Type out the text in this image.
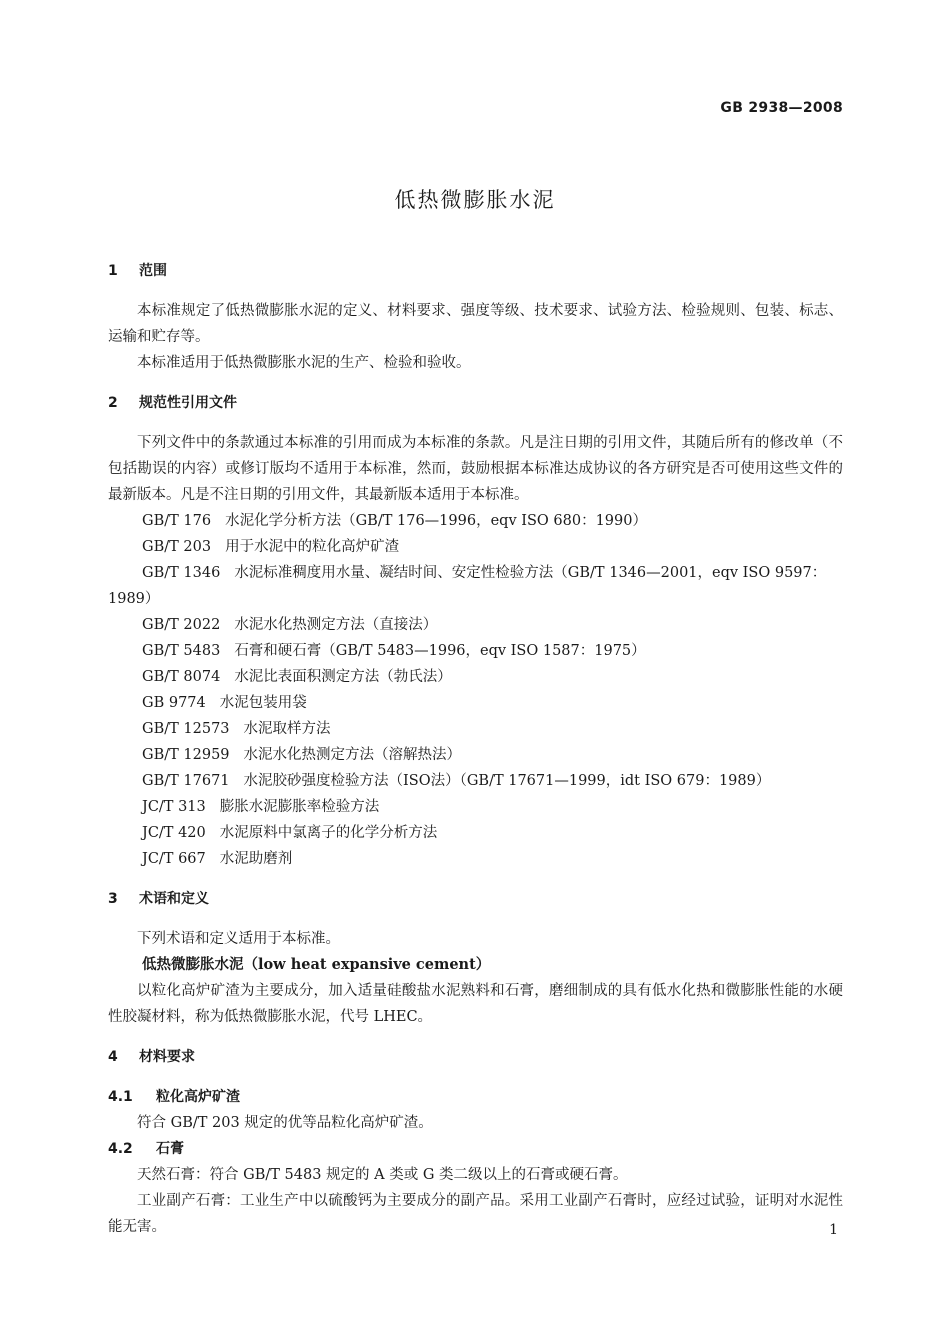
GB 2938—2008
低热微膨胀水泥
1 范围

本标准规定了低热微膨胀水泥的定义、材料要求、强度等级、技术要求、试验方法、检验规则、包装、标志、运输和贮存等。

本标准适用于低热微膨胀水泥的生产、检验和验收。

2 规范性引用文件

下列文件中的条款通过本标准的引用而成为本标准的条款。凡是注日期的引用文件，其随后所有的修改单（不包括勘误的内容）或修订版均不适用于本标准，然而，鼓励根据本标准达成协议的各方研究是否可使用这些文件的最新版本。凡是不注日期的引用文件，其最新版本适用于本标准。

GB/T 176 水泥化学分析方法（GB/T 176—1996，eqv ISO 680：1990）

GB/T 203 用于水泥中的粒化高炉矿渣

GB/T 1346 水泥标准稠度用水量、凝结时间、安定性检验方法（GB/T 1346—2001，eqv ISO 9597：1989）

GB/T 2022 水泥水化热测定方法（直接法）

GB/T 5483 石膏和硬石膏（GB/T 5483—1996，eqv ISO 1587：1975）

GB/T 8074 水泥比表面积测定方法（勃氏法）

GB 9774 水泥包装用袋

GB/T 12573 水泥取样方法

GB/T 12959 水泥水化热测定方法（溶解热法）

GB/T 17671 水泥胶砂强度检验方法（ISO法）（GB/T 17671—1999，idt ISO 679：1989）

JC/T 313 膨胀水泥膨胀率检验方法

JC/T 420 水泥原料中氯离子的化学分析方法

JC/T 667 水泥助磨剂

3 术语和定义

下列术语和定义适用于本标准。

低热微膨胀水泥（low heat expansive cement）

以粒化高炉矿渣为主要成分，加入适量硅酸盐水泥熟料和石膏，磨细制成的具有低水化热和微膨胀性能的水硬性胶凝材料，称为低热微膨胀水泥，代号 LHEC。

4 材料要求
4.1 粒化高炉矿渣

符合 GB/T 203 规定的优等品粒化高炉矿渣。

4.2 石膏

天然石膏：符合 GB/T 5483 规定的 A 类或 G 类二级以上的石膏或硬石膏。

工业副产石膏：工业生产中以硫酸钙为主要成分的副产品。采用工业副产石膏时，应经过试验，证明对水泥性能无害。	1
